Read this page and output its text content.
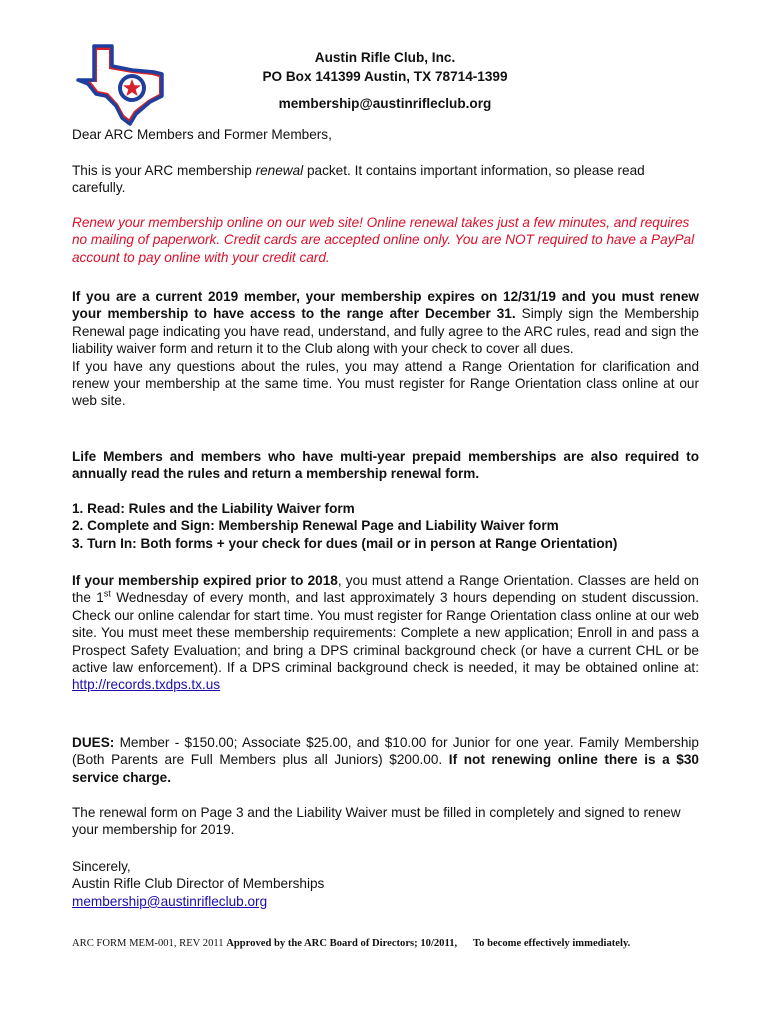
Austin Rifle Club, Inc.
PO Box 141399 Austin, TX 78714-1399
membership@austinrifleclub.org

Dear ARC Members and Former Members,

This is your ARC membership renewal packet. It contains important information, so please read carefully.

Renew your membership online on our web site! Online renewal takes just a few minutes, and requires no mailing of paperwork. Credit cards are accepted online only. You are NOT required to have a PayPal account to pay online with your credit card.

If you are a current 2019 member, your membership expires on 12/31/19 and you must renew your membership to have access to the range after December 31. Simply sign the Membership Renewal page indicating you have read, understand, and fully agree to the ARC rules, read and sign the liability waiver form and return it to the Club along with your check to cover all dues.

If you have any questions about the rules, you may attend a Range Orientation for clarification and renew your membership at the same time. You must register for Range Orientation class online at our web site.

Life Members and members who have multi-year prepaid memberships are also required to annually read the rules and return a membership renewal form.

1. Read: Rules and the Liability Waiver form

2. Complete and Sign: Membership Renewal Page and Liability Waiver form

3. Turn In: Both forms + your check for dues (mail or in person at Range Orientation)

If your membership expired prior to 2018, you must attend a Range Orientation. Classes are held on the 1st Wednesday of every month, and last approximately 3 hours depending on student discussion. Check our online calendar for start time. You must register for Range Orientation class online at our web site. You must meet these membership requirements: Complete a new application; Enroll in and pass a Prospect Safety Evaluation; and bring a DPS criminal background check (or have a current CHL or be active law enforcement). If a DPS criminal background check is needed, it may be obtained online at: http://records.txdps.tx.us

DUES: Member - $150.00; Associate $25.00, and $10.00 for Junior for one year. Family Membership (Both Parents are Full Members plus all Juniors) $200.00. If not renewing online there is a $30 service charge.

The renewal form on Page 3 and the Liability Waiver must be filled in completely and signed to renew your membership for 2019.

Sincerely,

Austin Rifle Club Director of Memberships

membership@austinrifleclub.org

ARC FORM MEM-001, REV 2011 Approved by the ARC Board of Directors; 10/2011, To become effectively immediately.
